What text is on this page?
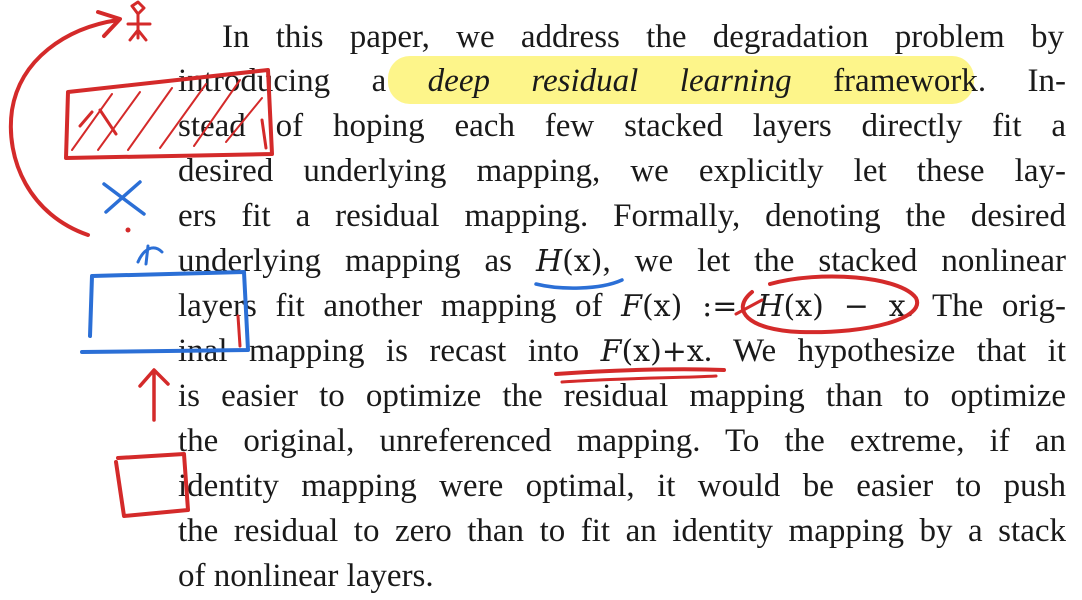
In this paper, we address the degradation problem by
introducing a deep residual learning framework. In-
stead of hoping each few stacked layers directly fit a
desired underlying mapping, we explicitly let these lay-
ers fit a residual mapping. Formally, denoting the desired
underlying mapping as H(x), we let the stacked nonlinear
layers fit another mapping of F(x) := H(x) − x. The orig-
inal mapping is recast into F(x)+x. We hypothesize that it
is easier to optimize the residual mapping than to optimize
the original, unreferenced mapping. To the extreme, if an
identity mapping were optimal, it would be easier to push
the residual to zero than to fit an identity mapping by a stack
of nonlinear layers.
